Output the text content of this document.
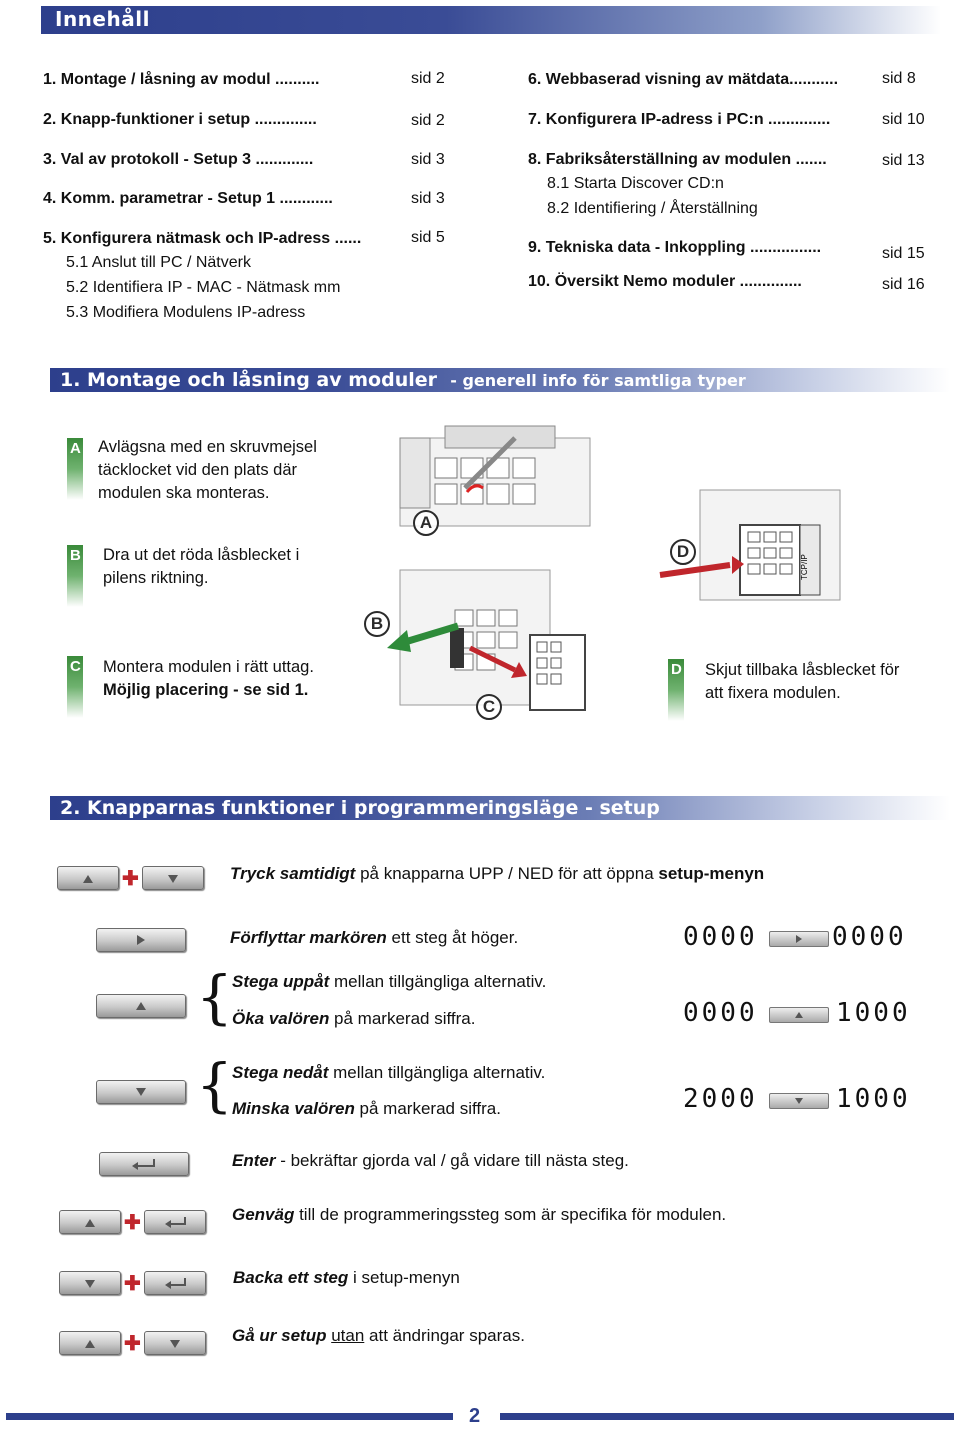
Innehåll
1. Montage / låsning av modul ..........	sid 2
2. Knapp-funktioner i setup ..............	sid 2
3. Val av protokoll - Setup 3 .............	sid 3
4. Komm. parametrar - Setup 1 ............	sid 3
5. Konfigurera nätmask och IP-adress ......	sid 5
5.1 Anslut till PC / Nätverk
5.2 Identifiera IP - MAC - Nätmask mm
5.3 Modifiera Modulens IP-adress
6. Webbaserad visning av mätdata...........	sid 8
7. Konfigurera IP-adress i PC:n ..............	sid 10
8. Fabriksåterställning av modulen .......	sid 13
8.1 Starta Discover CD:n
8.2 Identifiering / Återställning
9. Tekniska data - Inkoppling ................	sid 15
10. Översikt Nemo moduler ..............	sid 16
1. Montage och låsning av moduler - generell info för samtliga typer
A Avlägsna med en skruvmejsel täcklocket vid den plats där modulen ska monteras.
B Dra ut det röda låsblecket i pilens riktning.
C Montera modulen i rätt uttag.
Möjlig placering - se sid 1.
D Skjut tillbaka låsblecket för att fixera modulen.
A
TCP/IP
D
B
C
2. Knapparnas funktioner i programmeringsläge - setup
✚	Tryck samtidigt på knapparna UPP / NED för att öppna setup-menyn
Förflyttar markören ett steg åt höger.	0000	0000
{ Stega uppåt mellan tillgängliga alternativ.
Öka valören på markerad siffra.	0000	1000
{ Stega nedåt mellan tillgängliga alternativ.
Minska valören på markerad siffra.	2000	1000
Enter - bekräftar gjorda val / gå vidare till nästa steg.
✚	Genväg till de programmeringssteg som är specifika för modulen.
✚	Backa ett steg i setup-menyn
✚	Gå ur setup utan att ändringar sparas.
2
